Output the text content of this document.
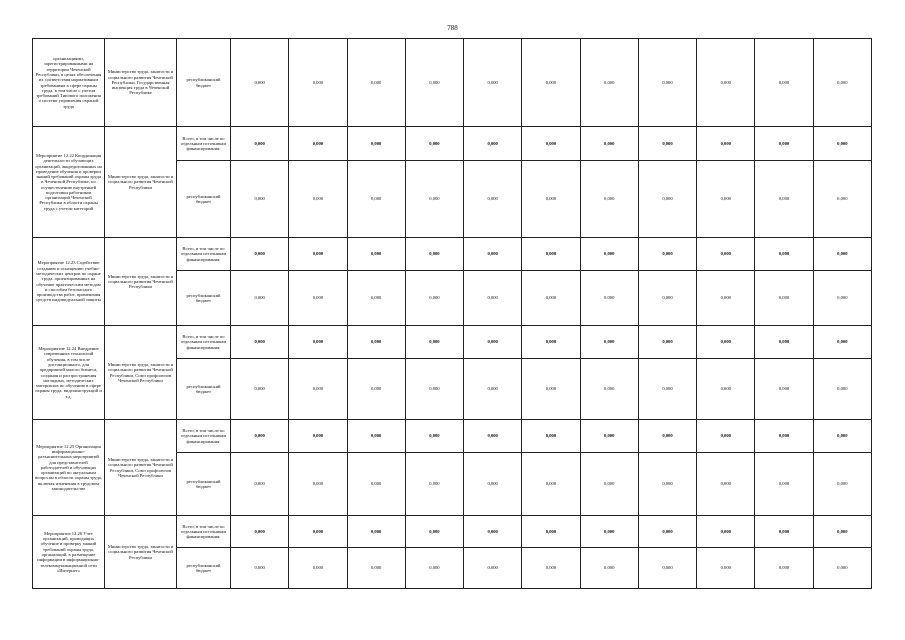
788
организациями, зарегистрированными на территории Чеченской Республики, в целях обеспечения их соответствия нормативным требованиям в сфере охраны труда, в том числе с учетом требований Типового положения о системе управления охраной труда	Министерство труда, занятости и социального развития Чеченской Республики, Государственная инспекция труда в Чеченской Республике	республиканский бюджет	0,000	0,000	0,000	0,000	0,000	0,000	0,000	0,000	0,000	0,000	0,000
Мероприятие 12.22 Координация деятельности обучающих организаций, аккредитованных на проведение обучения и проверки знаний требований охраны труда в Чеченской Республике, по осуществлению внутренней подготовки работников организаций Чеченской Республики в области охраны труда с учетом категорий	Министерство труда, занятости и социального развития Чеченской Республики	Всего, в том числе по отдельным источникам финансирования:	0,000	0,000	0,000	0,000	0,000	0,000	0,000	0,000	0,000	0,000	0,000
		республиканский бюджет	0,000	0,000	0,000	0,000	0,000	0,000	0,000	0,000	0,000	0,000	0,000
Мероприятие 12.23 Содействие созданию и оснащению учебно-методических центров по охране труда, ориентированных на обучение практическим методам и способам безопасного производства работ, применения средств индивидуальной защиты	Министерство труда, занятости и социального развития Чеченской Республики	Всего, в том числе по отдельным источникам финансирования:	0,000	0,000	0,000	0,000	0,000	0,000	0,000	0,000	0,000	0,000	0,000
		республиканский бюджет	0,000	0,000	0,000	0,000	0,000	0,000	0,000	0,000	0,000	0,000	0,000
Мероприятие 12.24 Внедрение современных технологий обучения, в том числе дистанционного, для предприятий малого бизнеса, создания и распространения наглядных, методических материалов по обучению в сфере охраны труда, видеоинструкций и т.д.	Министерство труда, занятости и социального развития Чеченской Республики, Союз профсоюзов Чеченской Республики	Всего, в том числе по отдельным источникам финансирования:	0,000	0,000	0,000	0,000	0,000	0,000	0,000	0,000	0,000	0,000	0,000
		республиканский бюджет	0,000	0,000	0,000	0,000	0,000	0,000	0,000	0,000	0,000	0,000	0,000
Мероприятие 12.25 Организация информационно-разъяснительных мероприятий для представителей работодателей и обучающих организаций по актуальным вопросам в области охраны труда, включая изменения в трудовом законодательстве	Министерство труда, занятости и социального развития Чеченской Республики, Союз профсоюзов Чеченской Республики	Всего, в том числе по отдельным источникам финансирования:	0,000	0,000	0,000	0,000	0,000	0,000	0,000	0,000	0,000	0,000	0,000
		республиканский бюджет	0,000	0,000	0,000	0,000	0,000	0,000	0,000	0,000	0,000	0,000	0,000
Мероприятие 12.26 Учет организаций, проводящих обучение и проверку знаний требований охраны труда, организаций, в размещение информации в информационно-телекоммуникационной сети «Интернет»	Министерство труда, занятости и социального развития Чеченской Республики	Всего, в том числе по отдельным источникам финансирования:	0,000	0,000	0,000	0,000	0,000	0,000	0,000	0,000	0,000	0,000	0,000
		республиканский бюджет	0,000	0,000	0,000	0,000	0,000	0,000	0,000	0,000	0,000	0,000	0,000
